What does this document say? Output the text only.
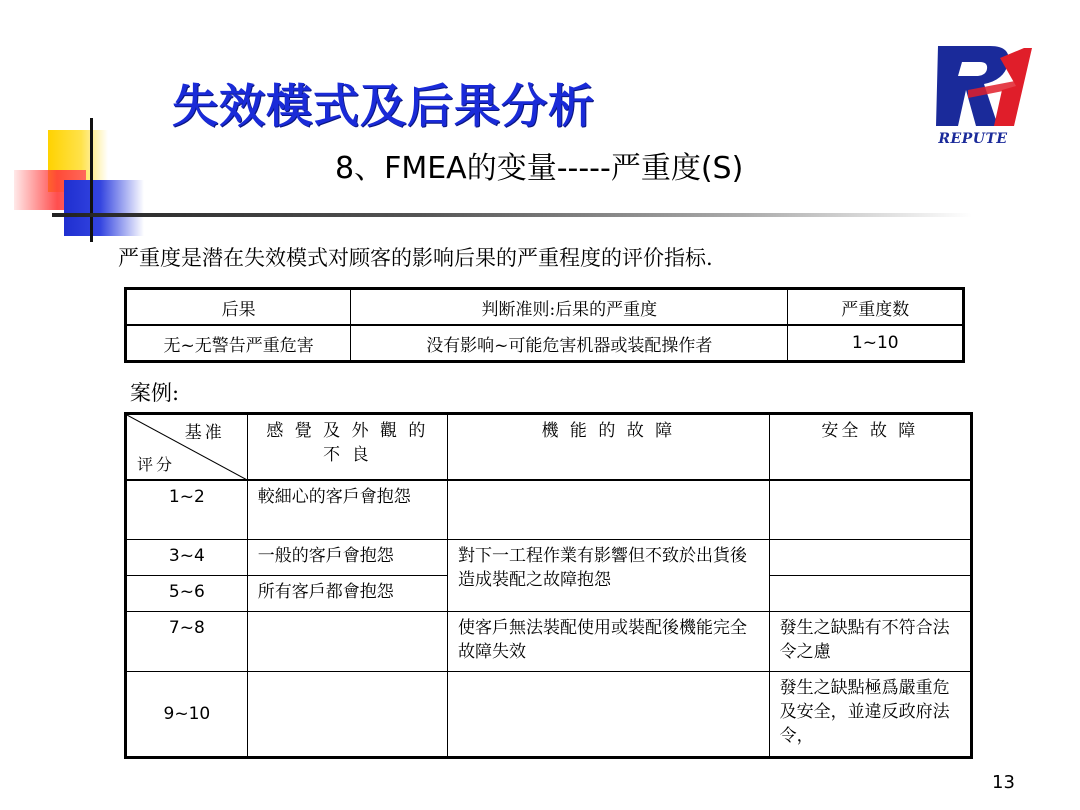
失效模式及后果分析
8、FMEA的变量-----严重度(S)
REPUTE
严重度是潜在失效模式对顾客的影响后果的严重程度的评价指标.
后果	判断准则:后果的严重度	严重度数
无~无警告严重危害	没有影响~可能危害机器或装配操作者	1~10
案例:
基准
评分	感 覺 及 外 觀 的 不 良	機 能 的 故 障	安全 故 障
1~2	較細心的客戶會抱怨		
3~4	一般的客戶會抱怨	對下一工程作業有影響但不致於出貨後造成裝配之故障抱怨	
5~6	所有客戶都會抱怨		
7~8		使客戶無法裝配使用或裝配後機能完全故障失效	發生之缺點有不符合法令之慮
9~10			發生之缺點極爲嚴重危及安全，並違反政府法令，
13
